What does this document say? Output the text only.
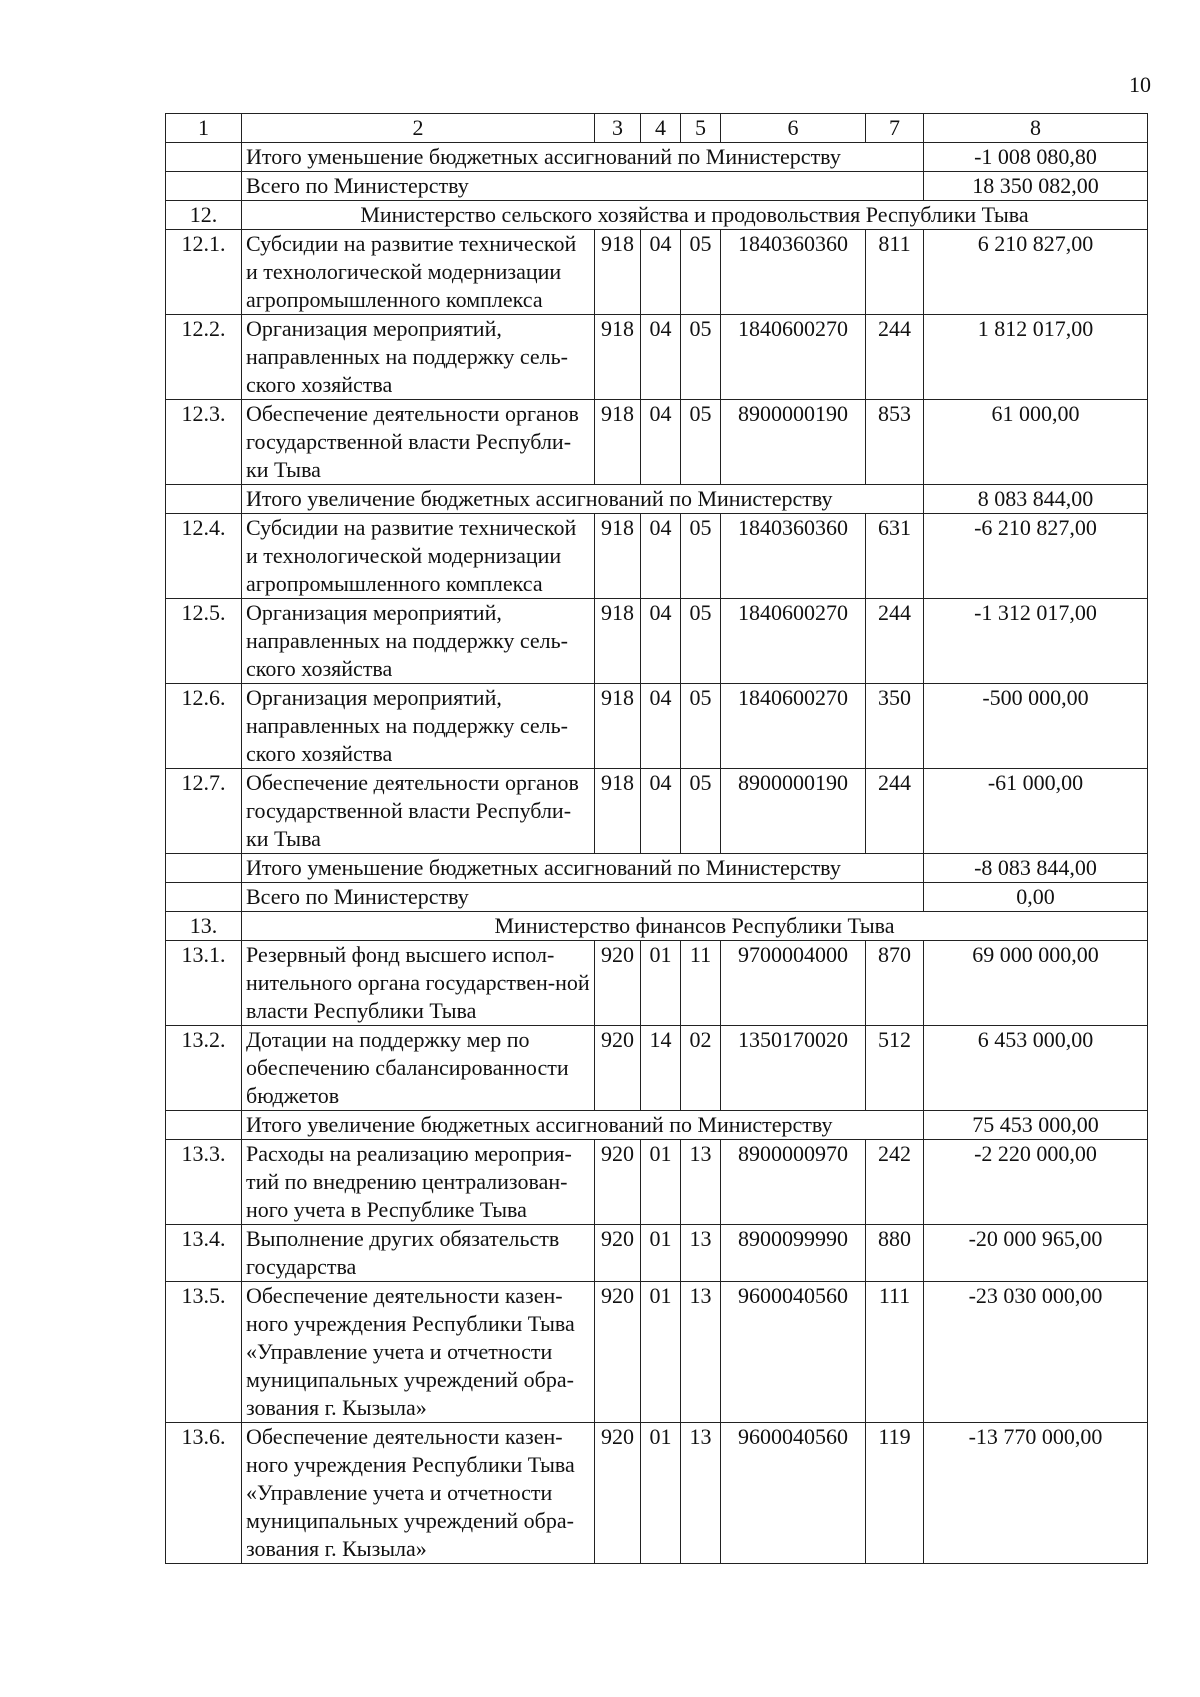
10
1	2	3	4	5	6	7	8
	Итого уменьшение бюджетных ассигнований по Министерству						-1 008 080,80
	Всего по Министерству						18 350 082,00
12.	Министерство сельского хозяйства и продовольствия Республики Тыва						
12.1.	Субсидии на развитие технической и технологической модернизации агропромышленного комплекса	918	04	05	1840360360	811	6 210 827,00
12.2.	Организация мероприятий, направленных на поддержку сель-ского хозяйства	918	04	05	1840600270	244	1 812 017,00
12.3.	Обеспечение деятельности органов государственной власти Республи-ки Тыва	918	04	05	8900000190	853	61 000,00
	Итого увеличение бюджетных ассигнований по Министерству						8 083 844,00
12.4.	Субсидии на развитие технической и технологической модернизации агропромышленного комплекса	918	04	05	1840360360	631	-6 210 827,00
12.5.	Организация мероприятий, направленных на поддержку сель-ского хозяйства	918	04	05	1840600270	244	-1 312 017,00
12.6.	Организация мероприятий, направленных на поддержку сель-ского хозяйства	918	04	05	1840600270	350	-500 000,00
12.7.	Обеспечение деятельности органов государственной власти Республи-ки Тыва	918	04	05	8900000190	244	-61 000,00
	Итого уменьшение бюджетных ассигнований по Министерству						-8 083 844,00
	Всего по Министерству						0,00
13.	Министерство финансов Республики Тыва						
13.1.	Резервный фонд высшего испол-нительного органа государствен-ной власти Республики Тыва	920	01	11	9700004000	870	69 000 000,00
13.2.	Дотации на поддержку мер по обеспечению сбалансированности бюджетов	920	14	02	1350170020	512	6 453 000,00
	Итого увеличение бюджетных ассигнований по Министерству						75 453 000,00
13.3.	Расходы на реализацию мероприя-тий по внедрению централизован-ного учета в Республике Тыва	920	01	13	8900000970	242	-2 220 000,00
13.4.	Выполнение других обязательств государства	920	01	13	8900099990	880	-20 000 965,00
13.5.	Обеспечение деятельности казен-ного учреждения Республики Тыва «Управление учета и отчетности муниципальных учреждений обра-зования г. Кызыла»	920	01	13	9600040560	111	-23 030 000,00
13.6.	Обеспечение деятельности казен-ного учреждения Республики Тыва «Управление учета и отчетности муниципальных учреждений обра-зования г. Кызыла»	920	01	13	9600040560	119	-13 770 000,00
